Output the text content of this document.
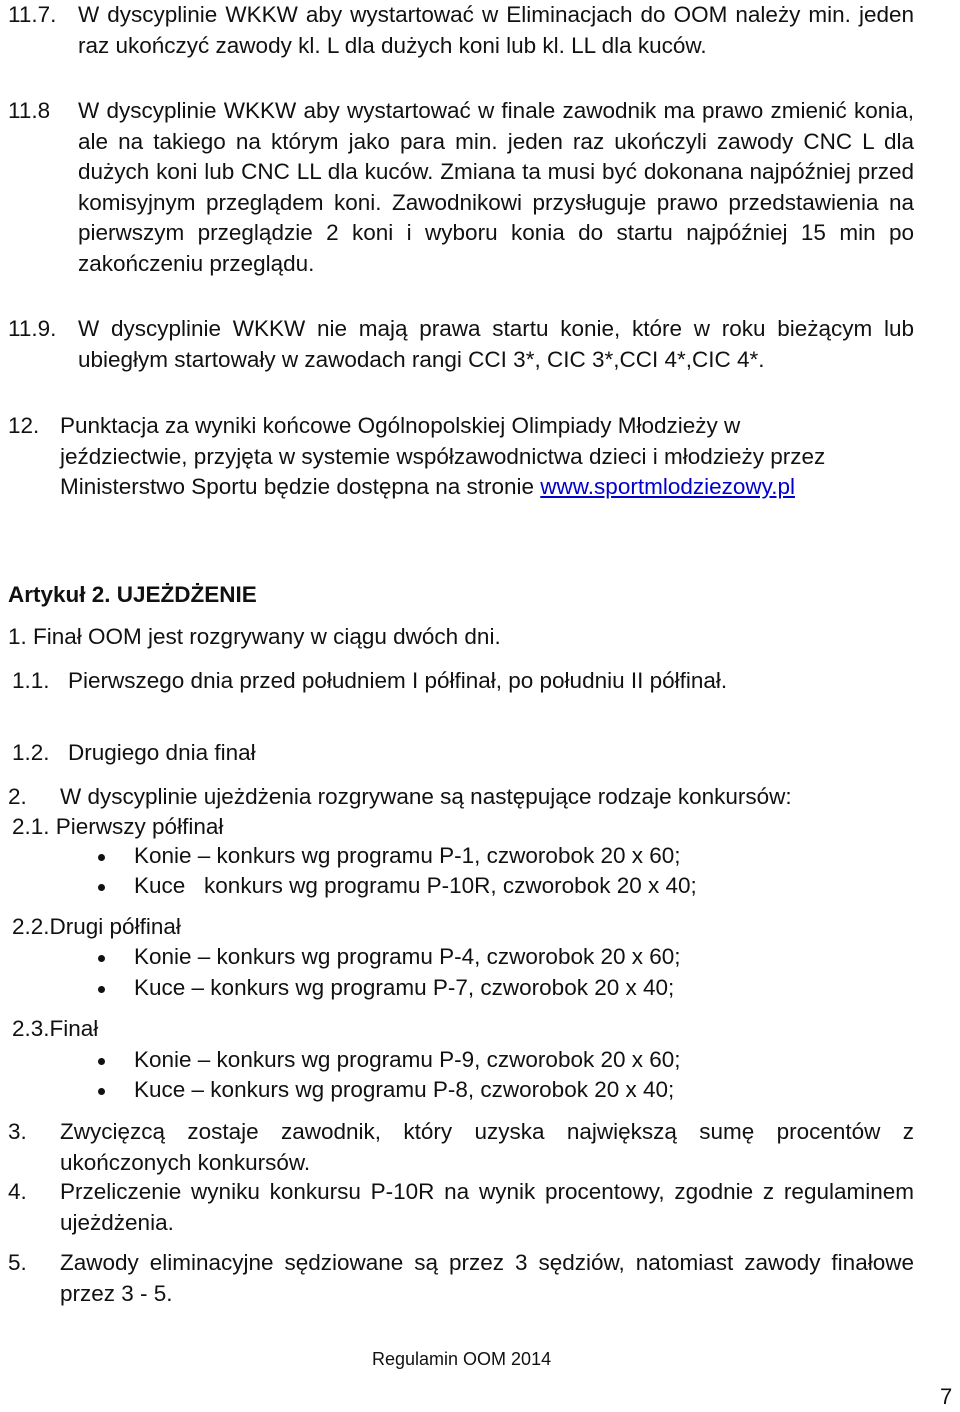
11.7. W dyscyplinie WKKW aby wystartować w Eliminacjach do OOM należy min. jeden raz ukończyć zawody kl. L dla dużych koni lub kl. LL dla kuców.
11.8 W dyscyplinie WKKW aby wystartować w finale zawodnik ma prawo zmienić konia, ale na takiego na którym jako para min. jeden raz ukończyli zawody CNC L dla dużych koni lub CNC LL dla kuców. Zmiana ta musi być dokonana najpóźniej przed komisyjnym przeglądem koni. Zawodnikowi przysługuje prawo przedstawienia na pierwszym przeglądzie 2 koni i wyboru konia do startu najpóźniej 15 min po zakończeniu przeglądu.
11.9. W dyscyplinie WKKW nie mają prawa startu konie, które w roku bieżącym lub ubiegłym startowały w zawodach rangi CCI 3*, CIC 3*,CCI 4*,CIC 4*.
12. Punktacja za wyniki końcowe Ogólnopolskiej Olimpiady Młodzieży w jeździectwie, przyjęta w systemie współzawodnictwa dzieci i młodzieży przez Ministerstwo Sportu będzie dostępna na stronie www.sportmlodziezowy.pl
Artykuł 2. UJEŻDŻENIE
1. Finał OOM jest rozgrywany w ciągu dwóch dni.
1.1. Pierwszego dnia przed południem I półfinał, po południu II półfinał.
1.2. Drugiego dnia finał
2. W dyscyplinie ujeżdżenia rozgrywane są następujące rodzaje konkursów:
2.1. Pierwszy półfinał
Konie – konkurs wg programu P-1, czworobok 20 x 60;
Kuce   konkurs wg programu P-10R, czworobok 20 x 40;
2.2.Drugi półfinał
Konie – konkurs wg programu P-4, czworobok 20 x 60;
Kuce – konkurs wg programu P-7, czworobok 20 x 40;
2.3.Finał
Konie – konkurs wg programu P-9, czworobok 20 x 60;
Kuce – konkurs wg programu P-8, czworobok 20 x 40;
3. Zwycięzcą zostaje zawodnik, który uzyska największą sumę procentów z ukończonych konkursów.
4. Przeliczenie wyniku konkursu P-10R na wynik procentowy, zgodnie z regulaminem ujeżdżenia.
5. Zawody eliminacyjne sędziowane są przez 3 sędziów, natomiast zawody finałowe przez 3 - 5.
Regulamin OOM 2014
7
